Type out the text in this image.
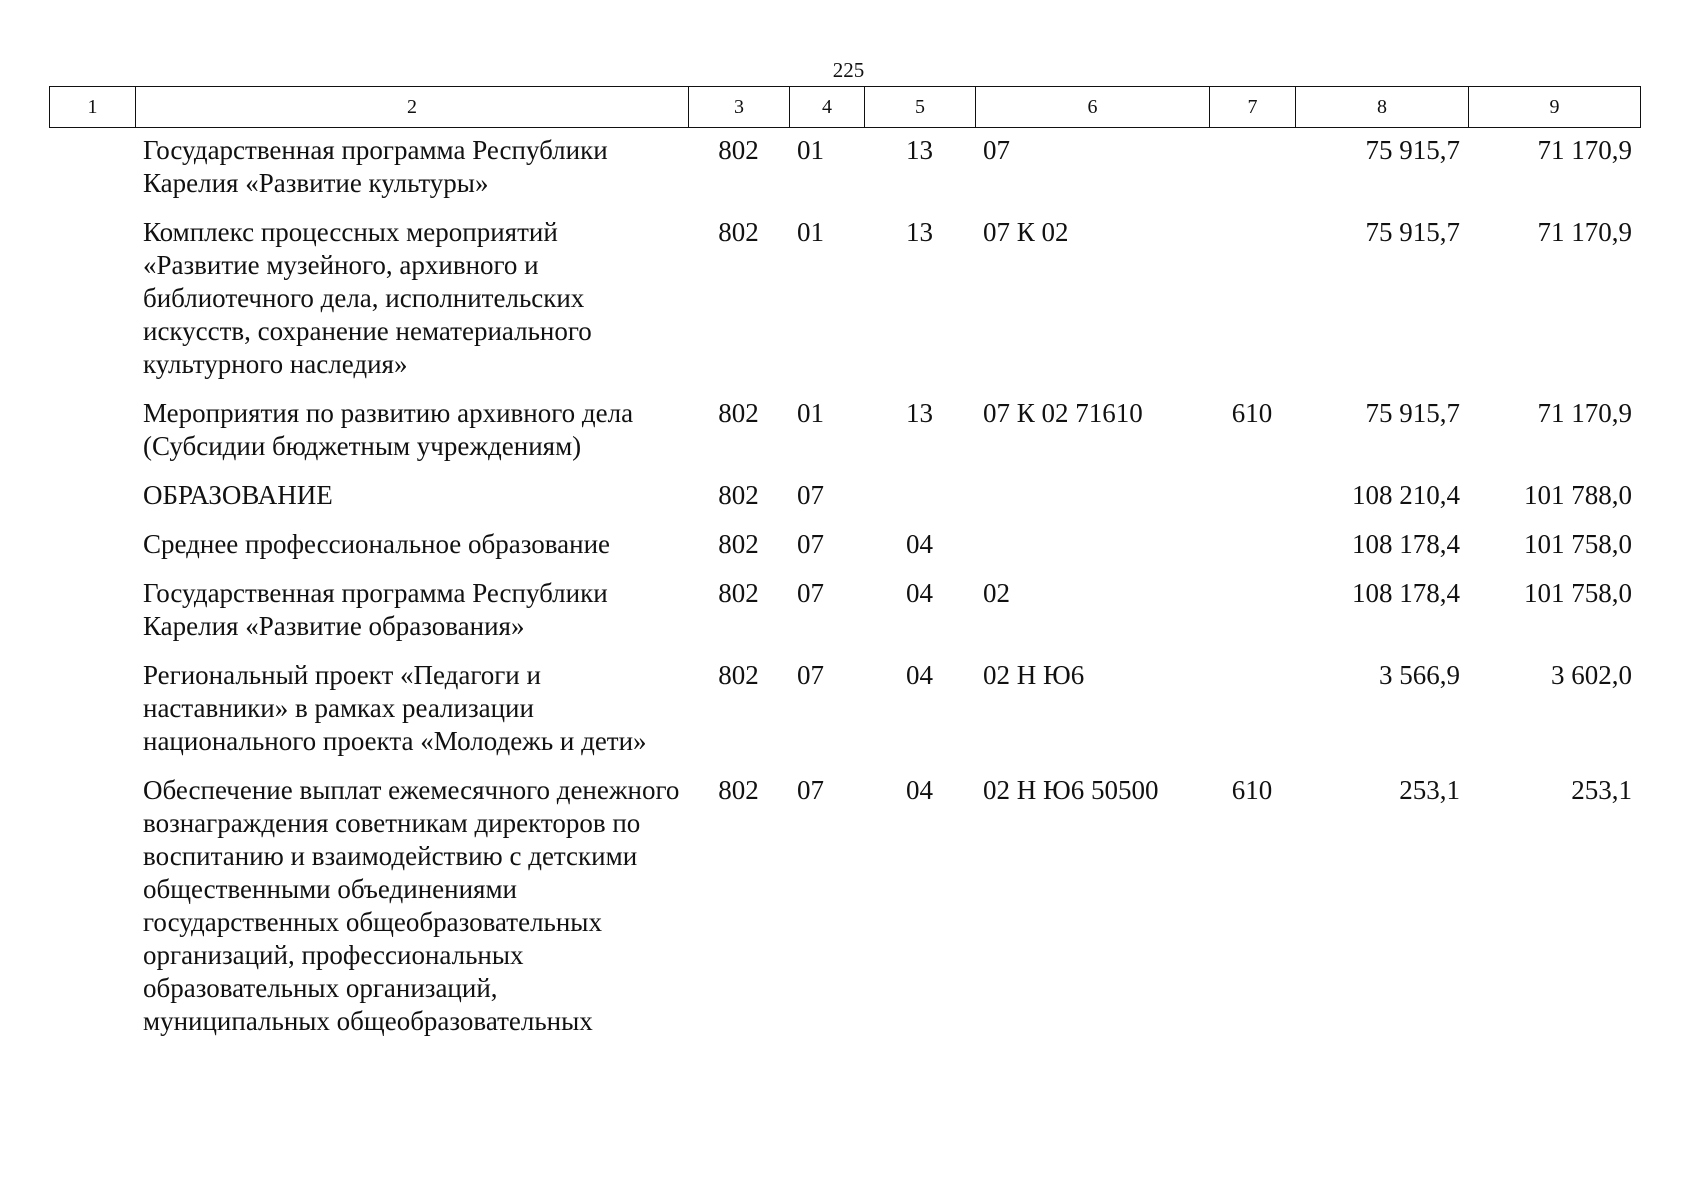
225
1	2	3	4	5	6	7	8	9
	Государственная программа Республики Карелия «Развитие культуры»	802	01	13	07		75 915,7	71 170,9
	Комплекс процессных мероприятий «Развитие музейного, архивного и библиотечного дела, исполнительских искусств, сохранение нематериального культурного наследия»	802	01	13	07 К 02		75 915,7	71 170,9
	Мероприятия по развитию архивного дела (Субсидии бюджетным учреждениям)	802	01	13	07 К 02 71610	610	75 915,7	71 170,9
	ОБРАЗОВАНИЕ	802	07				108 210,4	101 788,0
	Среднее профессиональное образование	802	07	04			108 178,4	101 758,0
	Государственная программа Республики Карелия «Развитие образования»	802	07	04	02		108 178,4	101 758,0
	Региональный проект «Педагоги и наставники» в рамках реализации национального проекта «Молодежь и дети»	802	07	04	02 Н Ю6		3 566,9	3 602,0
	Обеспечение выплат ежемесячного денежного вознаграждения советникам директоров по воспитанию и взаимодействию с детскими общественными объединениями государственных общеобразовательных организаций, профессиональных образовательных организаций, муниципальных общеобразовательных	802	07	04	02 Н Ю6 50500	610	253,1	253,1
